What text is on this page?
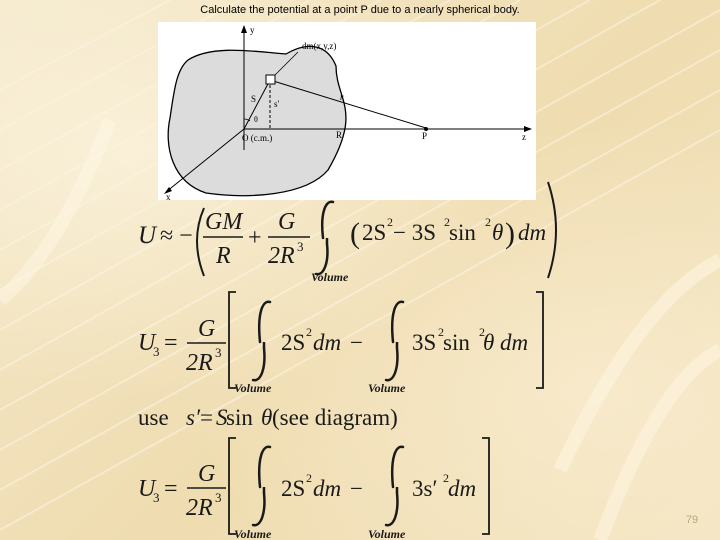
Calculate the potential at a point P due to a nearly spherical body.
y
z
x
dm(x,y,z)
S s'
r
θ
O (c.m.)	R	P
U ≈ −
GM
R
+
G
2R 3
Volume
( 2S 2 − 3S 2 sin 2 θ ) dm
U
3 =
G
2R 3	2S 2 dm − 3S 2 sin 2
θ dm
Volume	Volume
use s′ = S
sin θ (see diagram)
U
3 =
G
2R 3	2S 2 dm − 3s′ 2 dm
Volume	Volume
79
